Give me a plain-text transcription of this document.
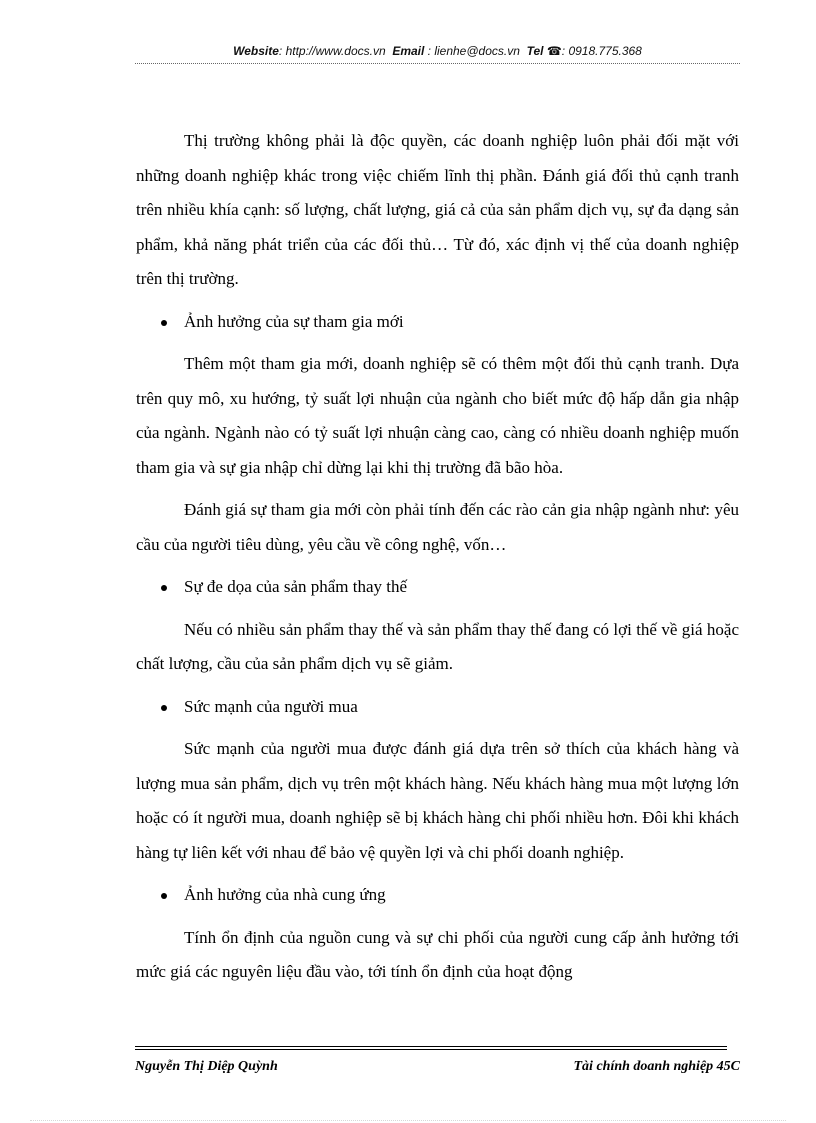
Website: http://www.docs.vn Email : lienhe@docs.vn Tel ☎: 0918.775.368

Thị trường không phải là độc quyền, các doanh nghiệp luôn phải đối mặt với những doanh nghiệp khác trong việc chiếm lĩnh thị phần. Đánh giá đối thủ cạnh tranh trên nhiều khía cạnh: số lượng, chất lượng, giá cả của sản phẩm dịch vụ, sự đa dạng sản phẩm, khả năng phát triển của các đối thủ… Từ đó, xác định vị thế của doanh nghiệp trên thị trường.

Ảnh hưởng của sự tham gia mới

Thêm một tham gia mới, doanh nghiệp sẽ có thêm một đối thủ cạnh tranh. Dựa trên quy mô, xu hướng, tỷ suất lợi nhuận của ngành cho biết mức độ hấp dẫn gia nhập của ngành. Ngành nào có tỷ suất lợi nhuận càng cao, càng có nhiều doanh nghiệp muốn tham gia và sự gia nhập chỉ dừng lại khi thị trường đã bão hòa.

Đánh giá sự tham gia mới còn phải tính đến các rào cản gia nhập ngành như: yêu cầu của người tiêu dùng, yêu cầu về công nghệ, vốn…

Sự đe dọa của sản phẩm thay thế

Nếu có nhiều sản phẩm thay thế và sản phẩm thay thế đang có lợi thế về giá hoặc chất lượng, cầu của sản phẩm dịch vụ sẽ giảm.

Sức mạnh của người mua

Sức mạnh của người mua được đánh giá dựa trên sở thích của khách hàng và lượng mua sản phẩm, dịch vụ trên một khách hàng. Nếu khách hàng mua một lượng lớn hoặc có ít người mua, doanh nghiệp sẽ bị khách hàng chi phối nhiều hơn. Đôi khi khách hàng tự liên kết với nhau để bảo vệ quyền lợi và chi phối doanh nghiệp.

Ảnh hưởng của nhà cung ứng

Tính ổn định của nguồn cung và sự chi phối của người cung cấp ảnh hưởng tới mức giá các nguyên liệu đầu vào, tới tính ổn định của hoạt động

Nguyễn Thị Diệp Quỳnh	Tài chính doanh nghiệp 45C
